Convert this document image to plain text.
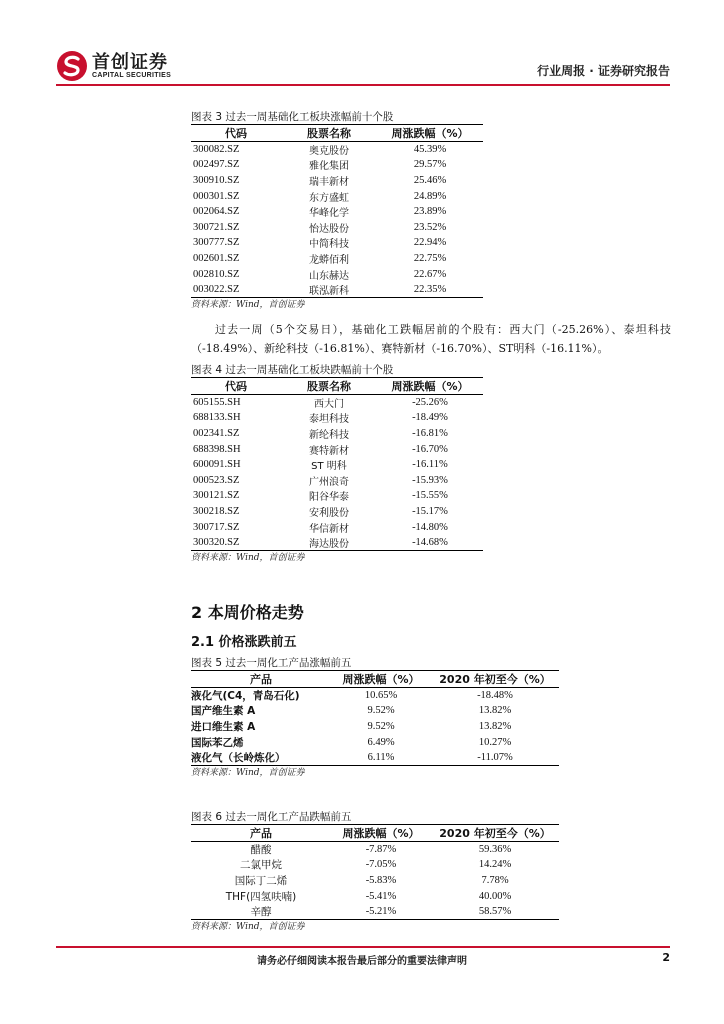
首创证券
CAPITAL SECURITIES	行业周报 · 证券研究报告
图表 3 过去一周基础化工板块涨幅前十个股
代码	股票名称	周涨跌幅（%）
300082.SZ	奥克股份	45.39%
002497.SZ	雅化集团	29.57%
300910.SZ	瑞丰新材	25.46%
000301.SZ	东方盛虹	24.89%
002064.SZ	华峰化学	23.89%
300721.SZ	怡达股份	23.52%
300777.SZ	中简科技	22.94%
002601.SZ	龙蟒佰利	22.75%
002810.SZ	山东赫达	22.67%
003022.SZ	联泓新科	22.35%
资料来源：Wind，首创证券
过去一周（5个交易日），基础化工跌幅居前的个股有：西大门（-25.26%）、泰坦科技（-18.49%）、新纶科技（-16.81%）、赛特新材（-16.70%）、ST明科（-16.11%）。
图表 4 过去一周基础化工板块跌幅前十个股
代码	股票名称	周涨跌幅（%）
605155.SH	西大门	-25.26%
688133.SH	泰坦科技	-18.49%
002341.SZ	新纶科技	-16.81%
688398.SH	赛特新材	-16.70%
600091.SH	ST 明科	-16.11%
000523.SZ	广州浪奇	-15.93%
300121.SZ	阳谷华泰	-15.55%
300218.SZ	安利股份	-15.17%
300717.SZ	华信新材	-14.80%
300320.SZ	海达股份	-14.68%
资料来源：Wind，首创证券
2 本周价格走势
2.1 价格涨跌前五
图表 5 过去一周化工产品涨幅前五
产品	周涨跌幅（%）	2020 年初至今（%）
液化气(C4，青岛石化)	10.65%	-18.48%
国产维生素 A	9.52%	13.82%
进口维生素 A	9.52%	13.82%
国际苯乙烯	6.49%	10.27%
液化气（长岭炼化）	6.11%	-11.07%
资料来源：Wind，首创证券
图表 6 过去一周化工产品跌幅前五
产品	周涨跌幅（%）	2020 年初至今（%）
醋酸	-7.87%	59.36%
二氯甲烷	-7.05%	14.24%
国际丁二烯	-5.83%	7.78%
THF(四氢呋喃)	-5.41%	40.00%
辛醇	-5.21%	58.57%
资料来源：Wind，首创证券
请务必仔细阅读本报告最后部分的重要法律声明	2
